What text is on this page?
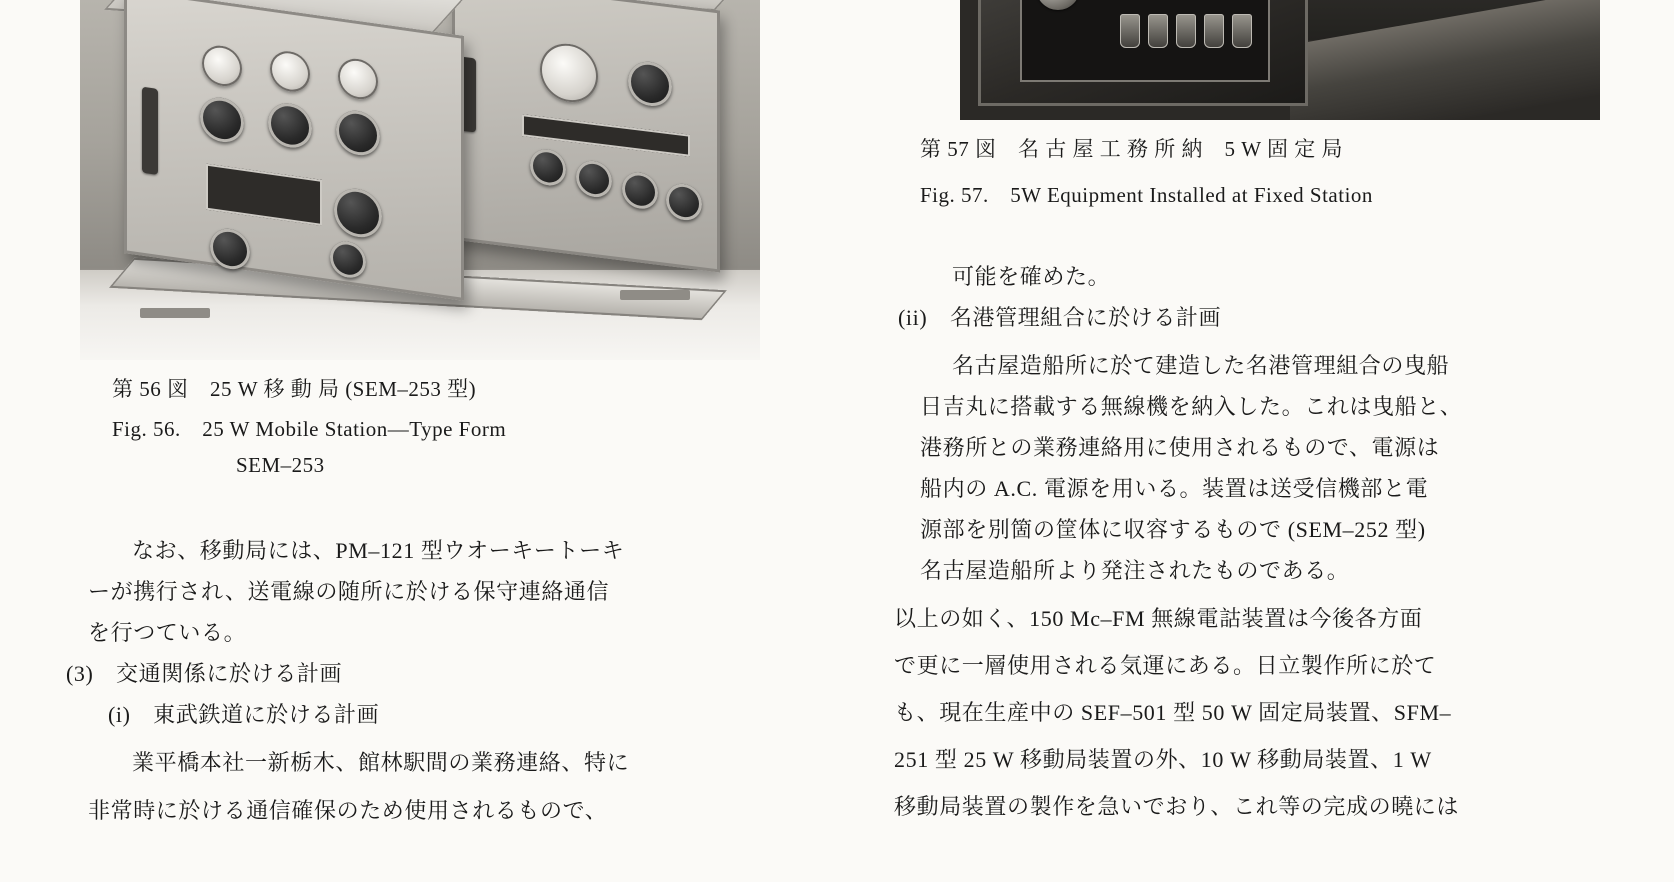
第 56 図　25 W 移 動 局 (SEM–253 型)
Fig. 56.　25 W Mobile Station—Type Form
SEM–253
なお、移動局には、PM–121 型ウオーキートーキ
ーが携行され、送電線の随所に於ける保守連絡通信
を行つている。
(3)　交通関係に於ける計画
(i)　東武鉄道に於ける計画
業平橋本社一新栃木、館林駅間の業務連絡、特に
非常時に於ける通信確保のため使用されるもので、
第 57 図　名 古 屋 工 務 所 納　5 W 固 定 局
Fig. 57.　5W Equipment Installed at Fixed Station
可能を確めた。
(ii)　名港管理組合に於ける計画
名古屋造船所に於て建造した名港管理組合の曳船
日吉丸に搭載する無線機を納入した。これは曳船と、
港務所との業務連絡用に使用されるもので、電源は
船内の A.C. 電源を用いる。装置は送受信機部と電
源部を別箇の筐体に収容するもので (SEM–252 型)
名古屋造船所より発注されたものである。
以上の如く、150 Mc–FM 無線電詁装置は今後各方面
で更に一層使用される気運にある。日立製作所に於て
も、現在生産中の SEF–501 型 50 W 固定局装置、SFM–
251 型 25 W 移動局装置の外、10 W 移動局装置、1 W
移動局装置の製作を急いでおり、これ等の完成の曉には
